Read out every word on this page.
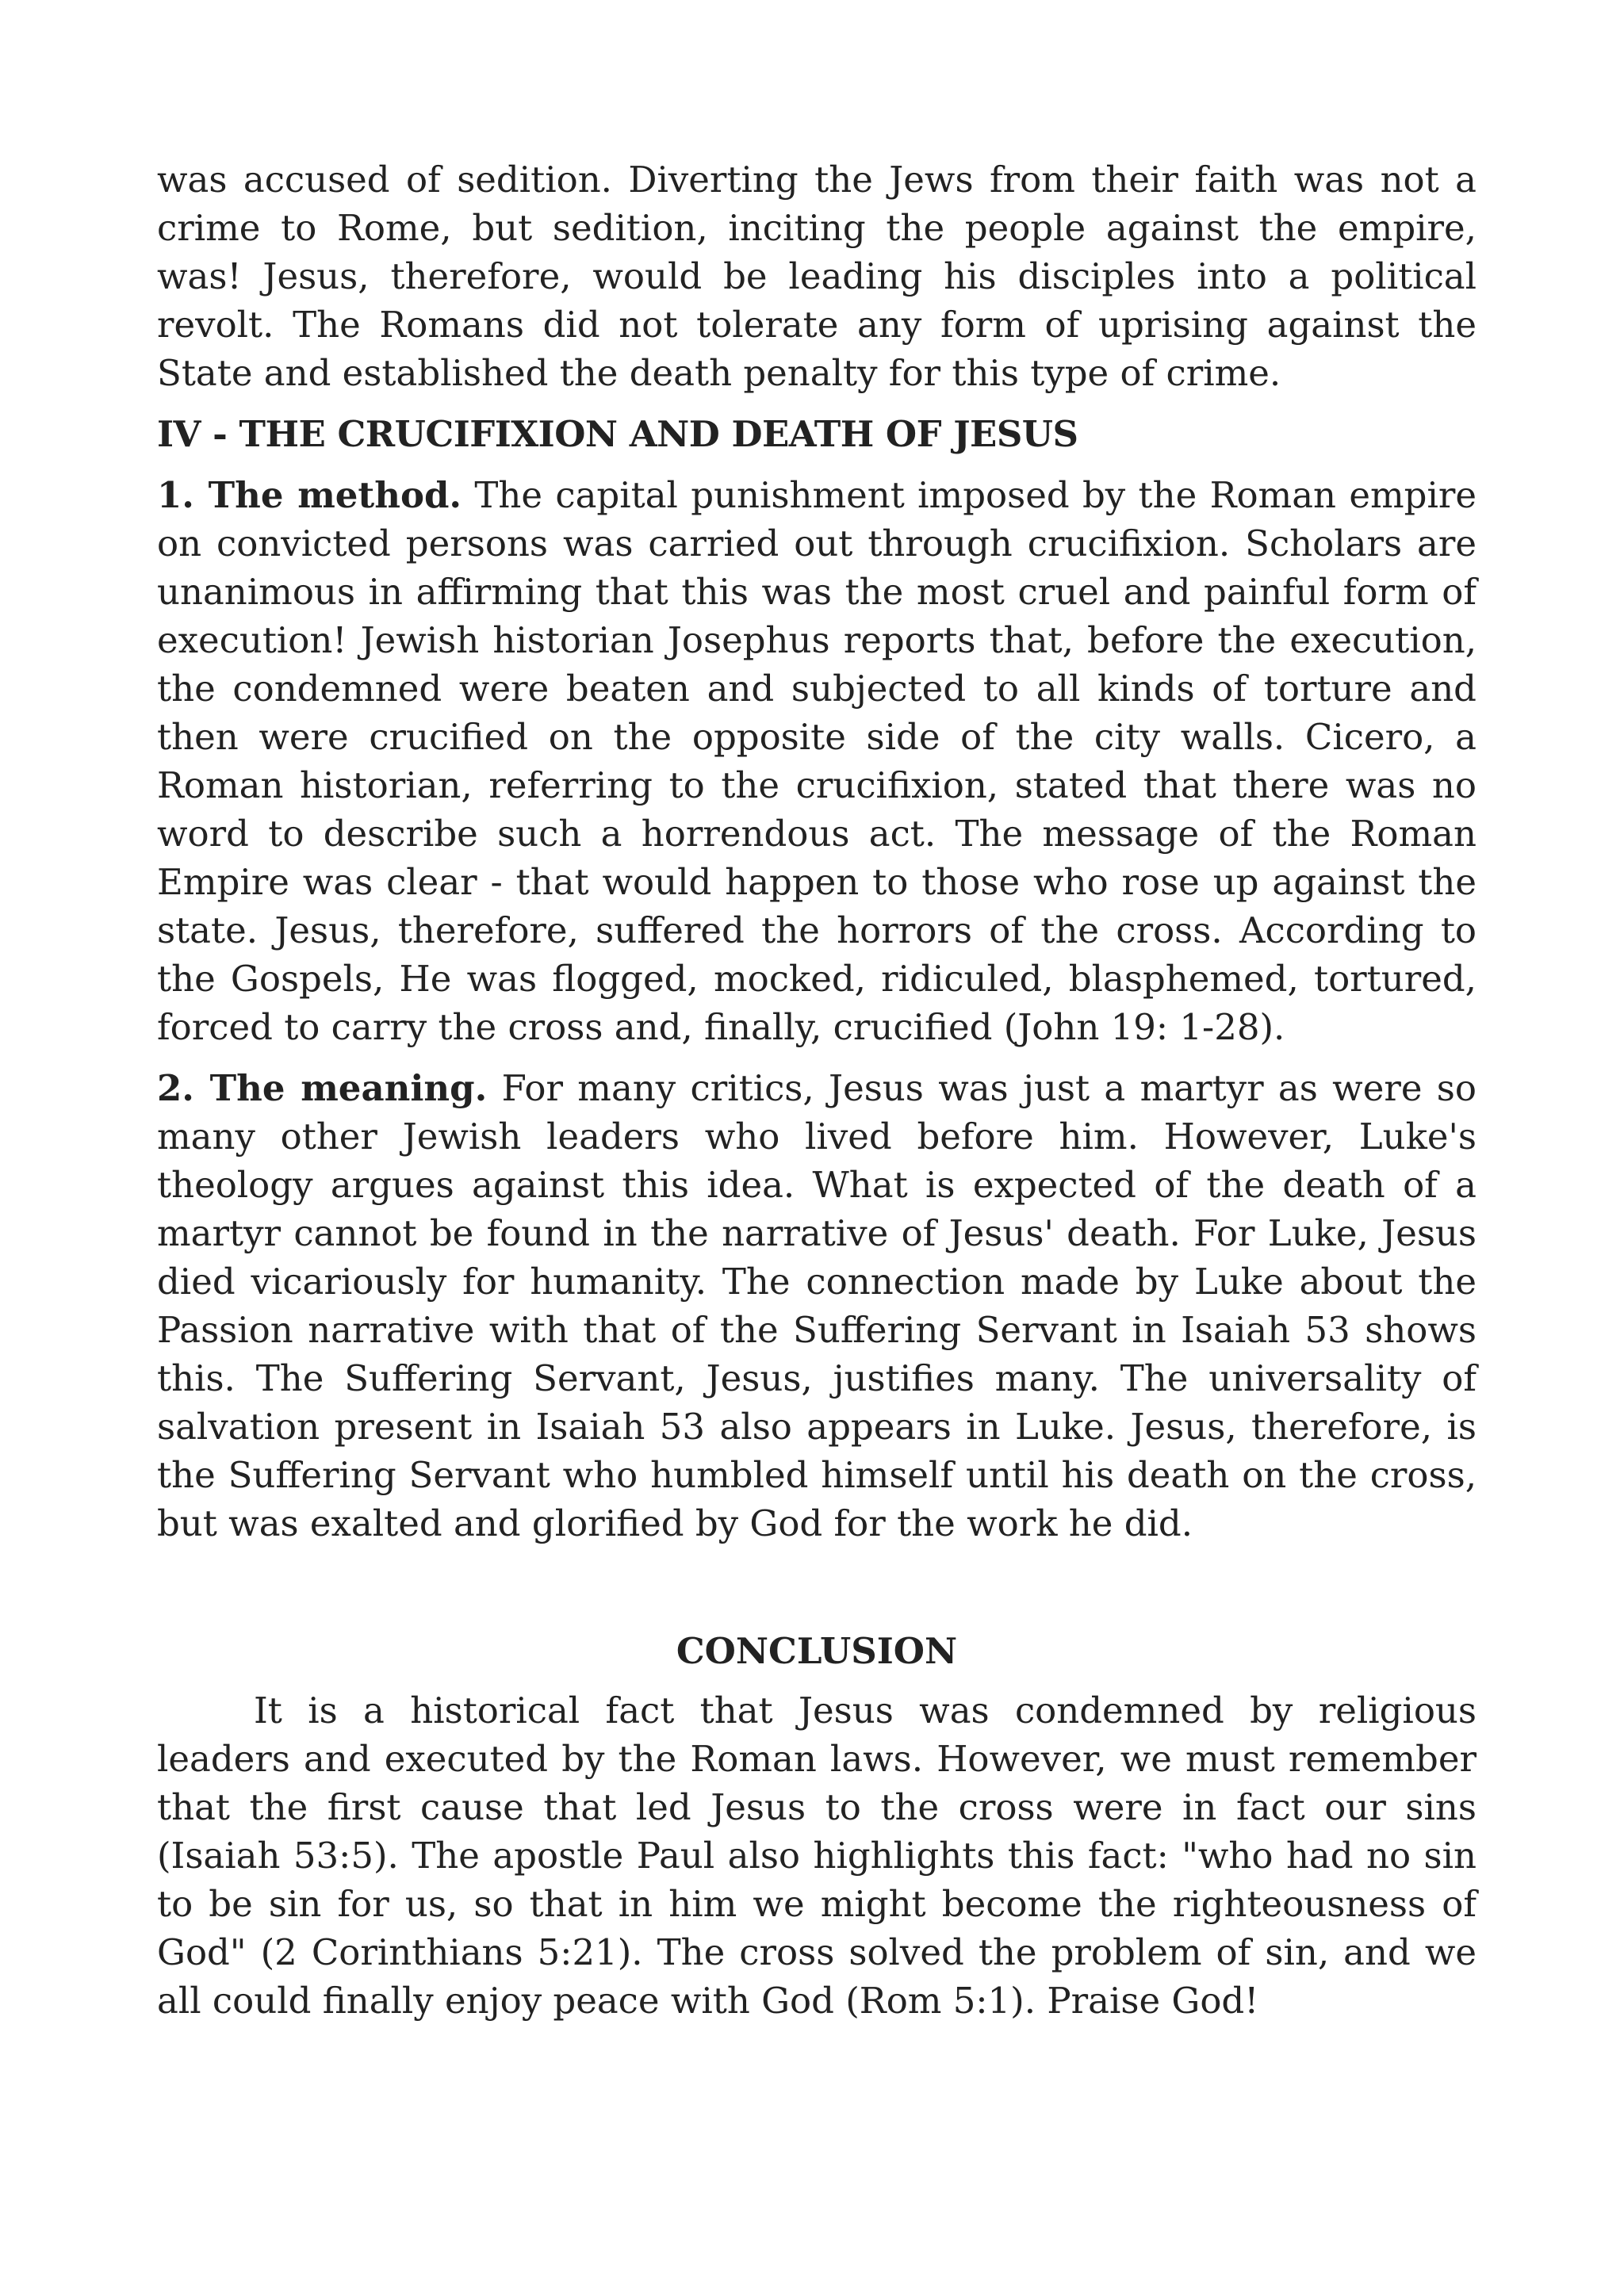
was accused of sedition. Diverting the Jews from their faith was not a crime to Rome, but sedition, inciting the people against the empire, was! Jesus, therefore, would be leading his disciples into a political revolt. The Romans did not tolerate any form of uprising against the State and established the death penalty for this type of crime.

IV - THE CRUCIFIXION AND DEATH OF JESUS

1. The method. The capital punishment imposed by the Roman empire on convicted persons was carried out through crucifixion. Scholars are unanimous in affirming that this was the most cruel and painful form of execution! Jewish historian Josephus reports that, before the execution, the condemned were beaten and subjected to all kinds of torture and then were crucified on the opposite side of the city walls. Cicero, a Roman historian, referring to the crucifixion, stated that there was no word to describe such a horrendous act. The message of the Roman Empire was clear - that would happen to those who rose up against the state. Jesus, therefore, suffered the horrors of the cross. According to the Gospels, He was flogged, mocked, ridiculed, blasphemed, tortured, forced to carry the cross and, finally, crucified (John 19: 1-28).

2. The meaning. For many critics, Jesus was just a martyr as were so many other Jewish leaders who lived before him. However, Luke's theology argues against this idea. What is expected of the death of a martyr cannot be found in the narrative of Jesus' death. For Luke, Jesus died vicariously for humanity. The connection made by Luke about the Passion narrative with that of the Suffering Servant in Isaiah 53 shows this. The Suffering Servant, Jesus, justifies many. The universality of salvation present in Isaiah 53 also appears in Luke. Jesus, therefore, is the Suffering Servant who humbled himself until his death on the cross, but was exalted and glorified by God for the work he did.

CONCLUSION

It is a historical fact that Jesus was condemned by religious leaders and executed by the Roman laws. However, we must remember that the first cause that led Jesus to the cross were in fact our sins (Isaiah 53:5). The apostle Paul also highlights this fact: "who had no sin to be sin for us, so that in him we might become the righteousness of God" (2 Corinthians 5:21). The cross solved the problem of sin, and we all could finally enjoy peace with God (Rom 5:1). Praise God!
